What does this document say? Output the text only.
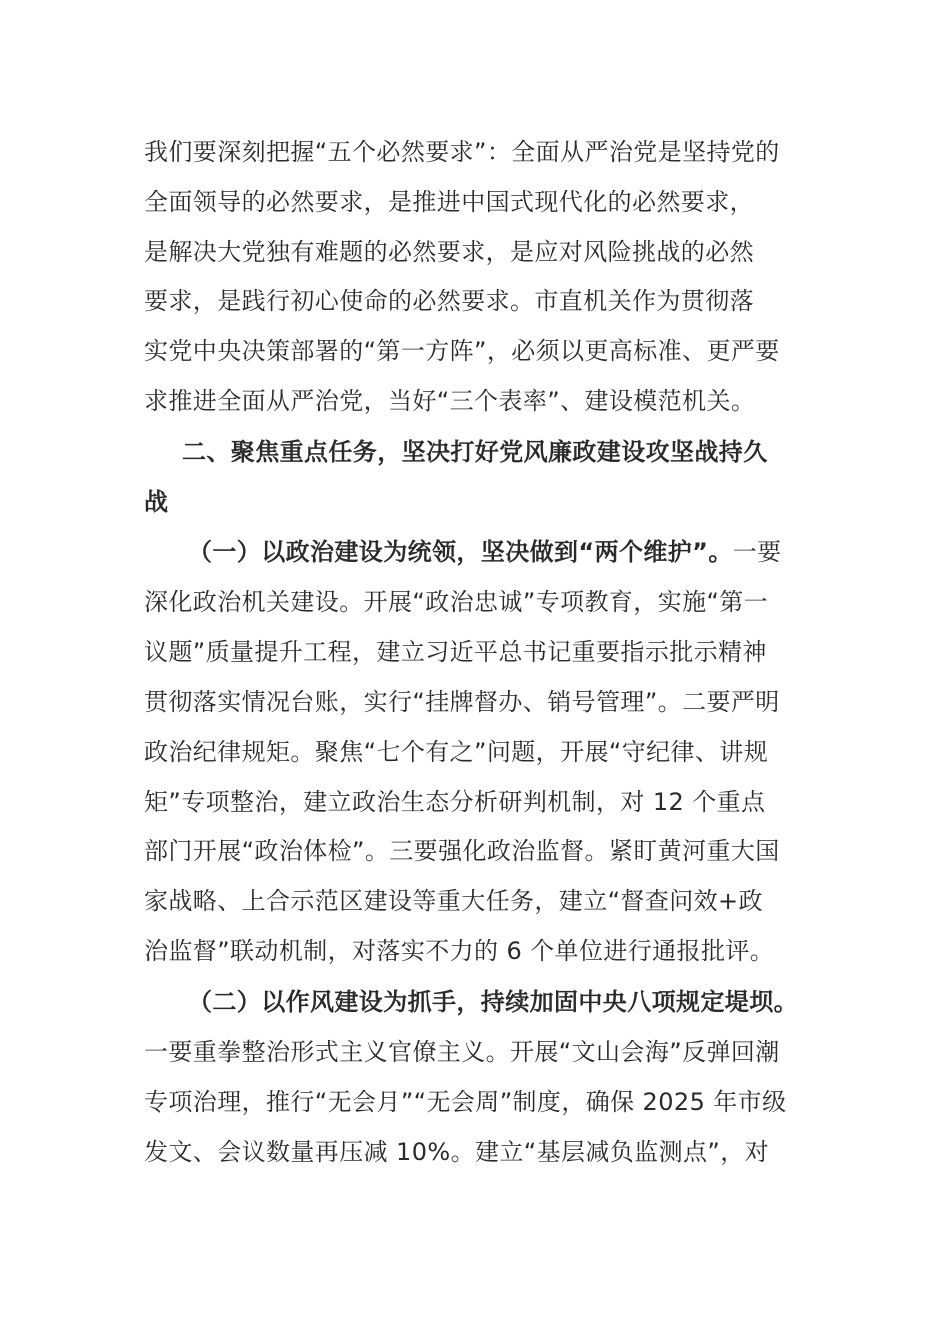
我们要深刻把握“五个必然要求”：全面从严治党是坚持党的
全面领导的必然要求，是推进中国式现代化的必然要求，
是解决大党独有难题的必然要求，是应对风险挑战的必然
要求，是践行初心使命的必然要求。市直机关作为贯彻落
实党中央决策部署的“第一方阵”，必须以更高标准、更严要
求推进全面从严治党，当好“三个表率”、建设模范机关。
二、聚焦重点任务，坚决打好党风廉政建设攻坚战持久
战
（一）以政治建设为统领，坚决做到“两个维护”。一要
深化政治机关建设。开展“政治忠诚”专项教育，实施“第一
议题”质量提升工程，建立习近平总书记重要指示批示精神
贯彻落实情况台账，实行“挂牌督办、销号管理”。二要严明
政治纪律规矩。聚焦“七个有之”问题，开展“守纪律、讲规
矩”专项整治，建立政治生态分析研判机制，对 12 个重点
部门开展“政治体检”。三要强化政治监督。紧盯黄河重大国
家战略、上合示范区建设等重大任务，建立“督查问效+政
治监督”联动机制，对落实不力的 6 个单位进行通报批评。
（二）以作风建设为抓手，持续加固中央八项规定堤坝。
一要重拳整治形式主义官僚主义。开展“文山会海”反弹回潮
专项治理，推行“无会月”“无会周”制度，确保 2025 年市级
发文、会议数量再压减 10%。建立“基层减负监测点”，对
